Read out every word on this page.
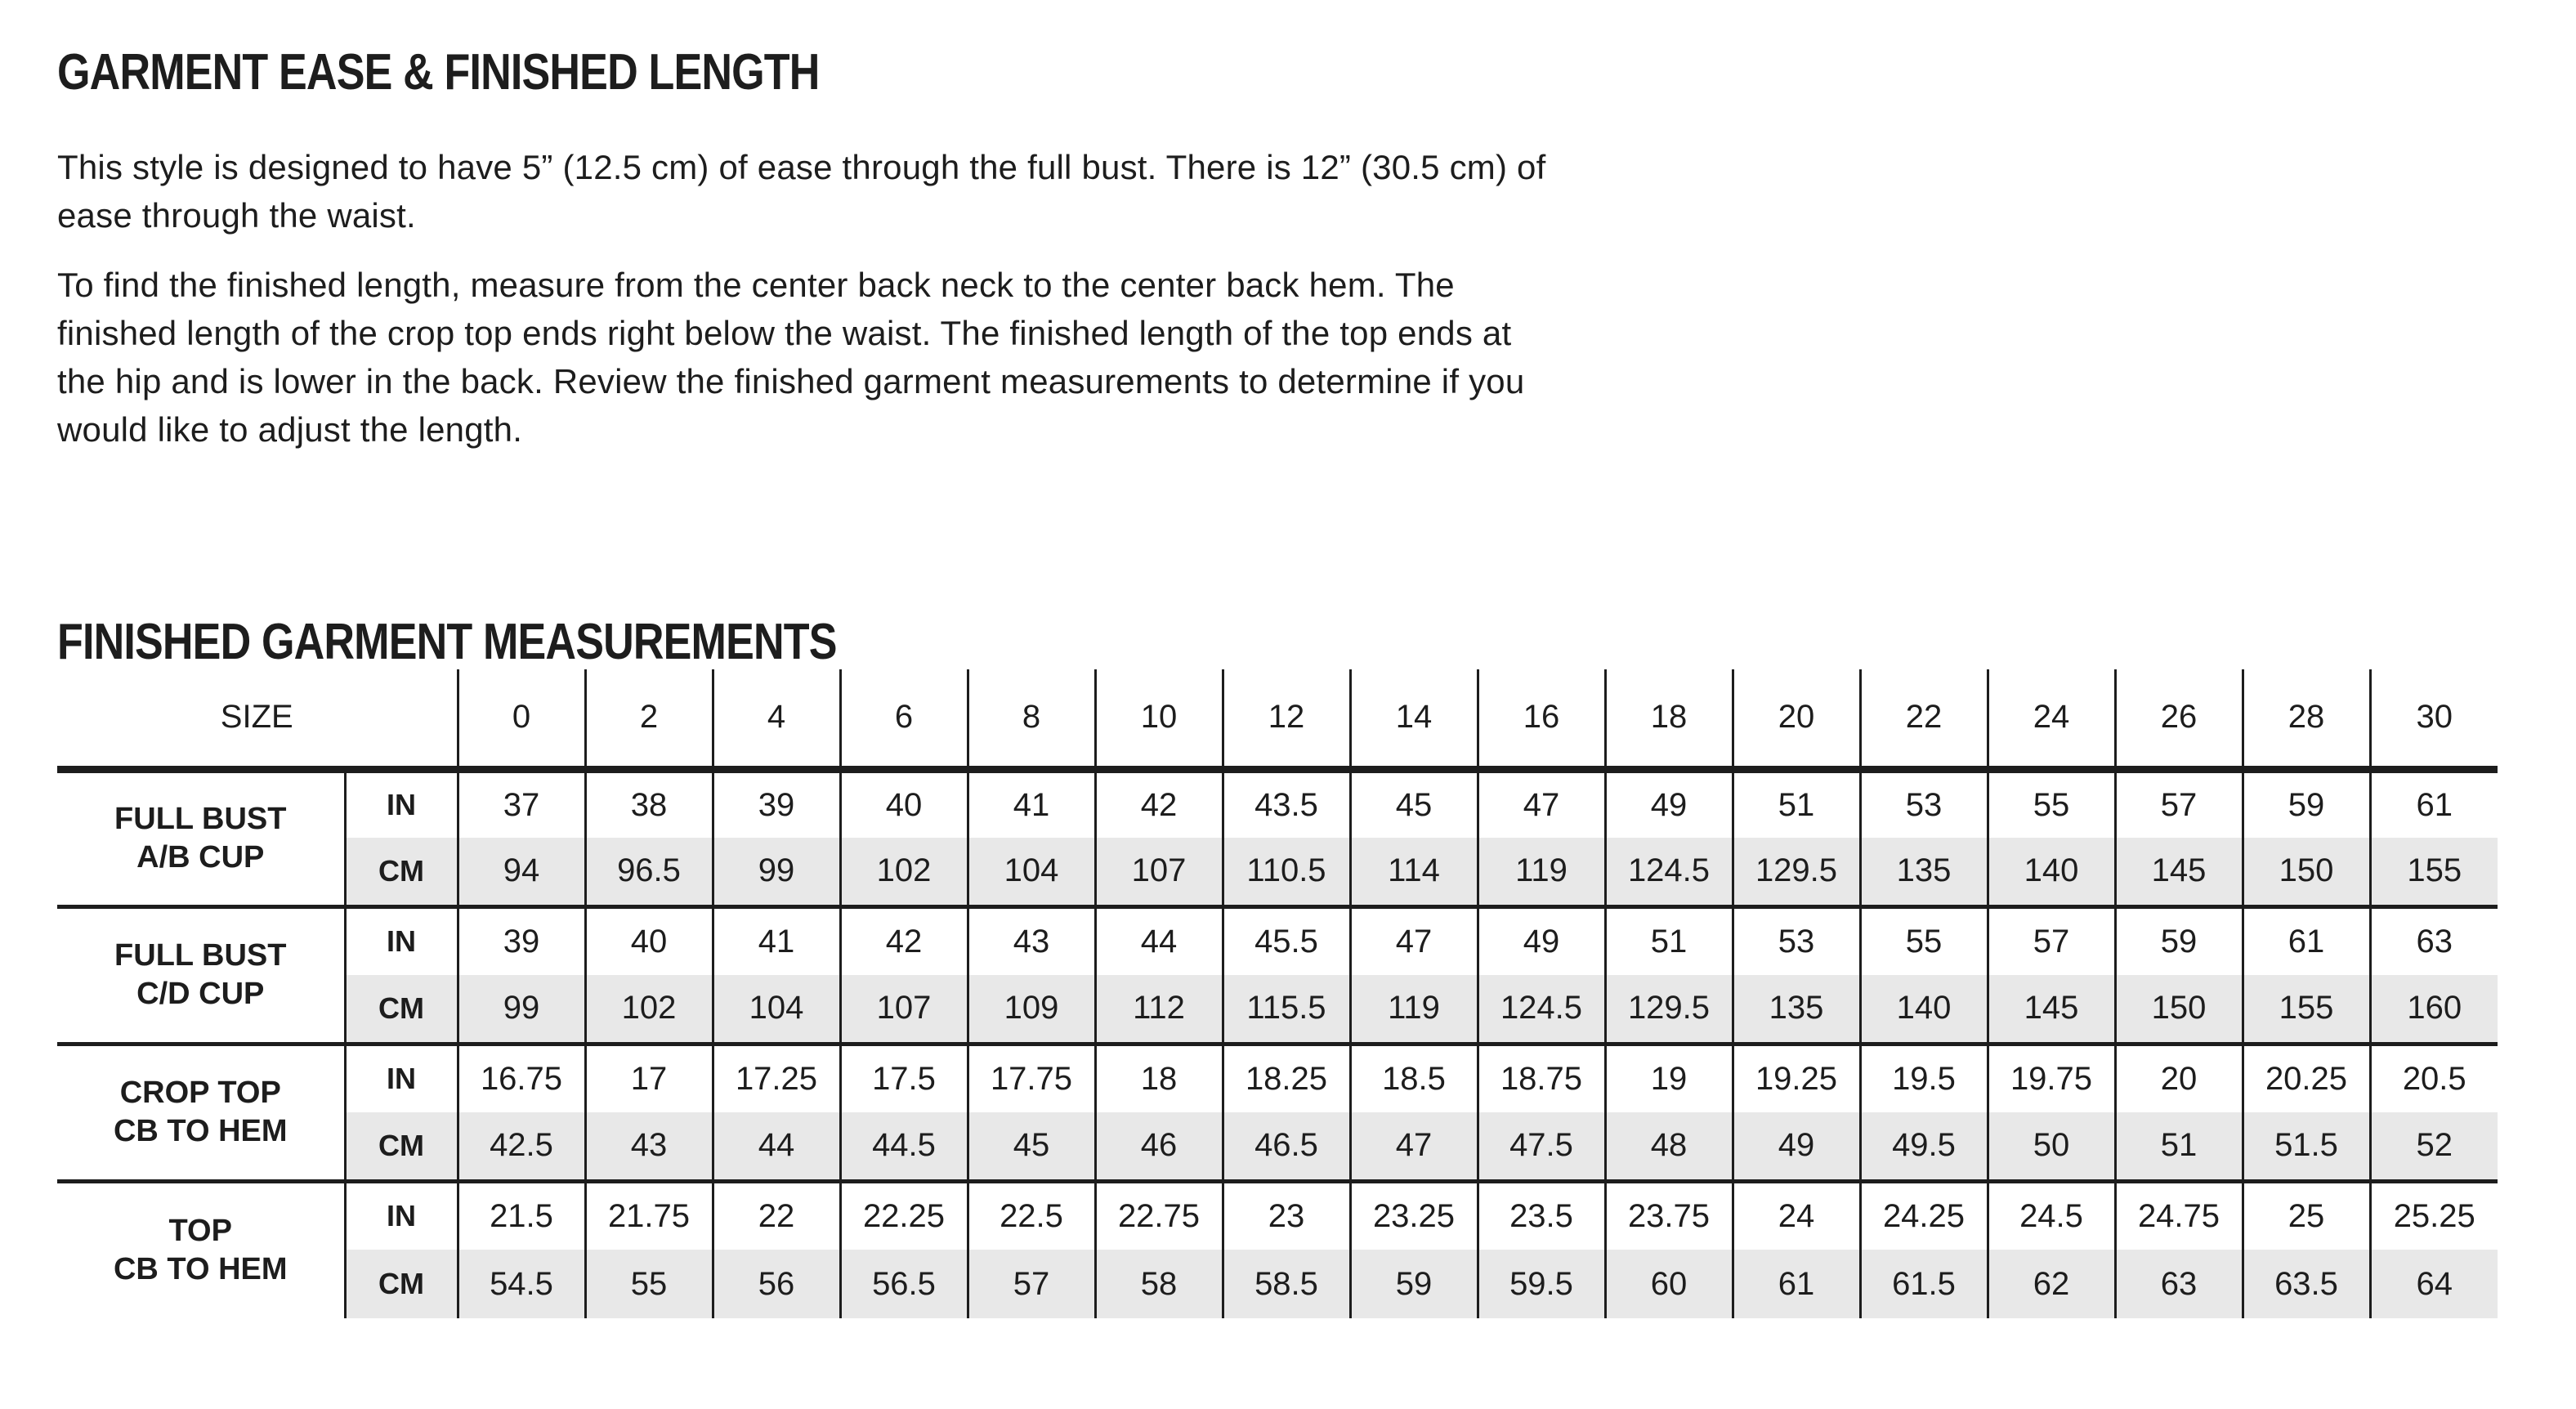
GARMENT EASE & FINISHED LENGTH
This style is designed to have 5” (12.5 cm) of ease through the full bust. There is 12” (30.5 cm) of
ease through the waist.
To find the finished length, measure from the center back neck to the center back hem. The
finished length of the crop top ends right below the waist. The finished length of the top ends at
the hip and is lower in the back. Review the finished garment measurements to determine if you
would like to adjust the length.
FINISHED GARMENT MEASUREMENTS
SIZE		0	2	4	6	8	10	12	14	16	18	20	22	24	26	28	30

FULL BUST
A/B CUP	IN	37	38	39	40	41	42	43.5	45	47	49	51	53	55	57	59	61
	CM	94	96.5	99	102	104	107	110.5	114	119	124.5	129.5	135	140	145	150	155

FULL BUST
C/D CUP	IN	39	40	41	42	43	44	45.5	47	49	51	53	55	57	59	61	63
	CM	99	102	104	107	109	112	115.5	119	124.5	129.5	135	140	145	150	155	160

CROP TOP
CB TO HEM	IN	16.75	17	17.25	17.5	17.75	18	18.25	18.5	18.75	19	19.25	19.5	19.75	20	20.25	20.5
	CM	42.5	43	44	44.5	45	46	46.5	47	47.5	48	49	49.5	50	51	51.5	52

TOP
CB TO HEM	IN	21.5	21.75	22	22.25	22.5	22.75	23	23.25	23.5	23.75	24	24.25	24.5	24.75	25	25.25
	CM	54.5	55	56	56.5	57	58	58.5	59	59.5	60	61	61.5	62	63	63.5	64
